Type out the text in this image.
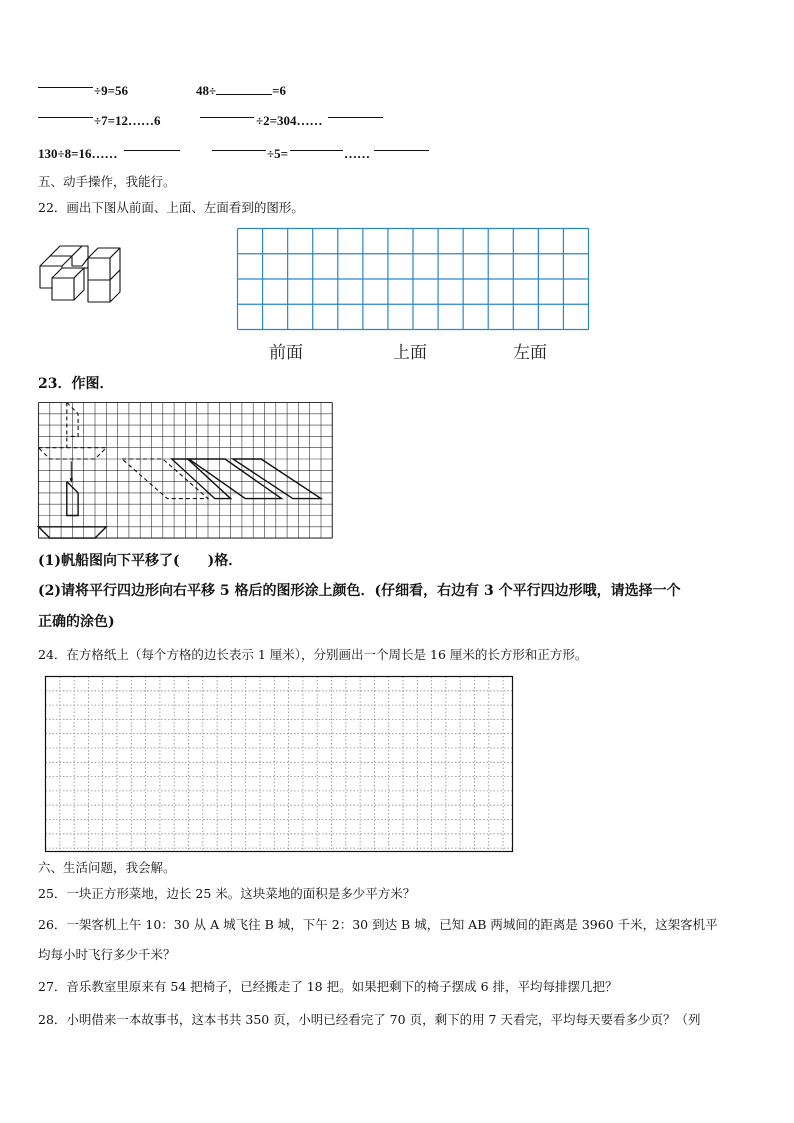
÷9=56	48÷	=6
÷7=12……6	÷2=304……
130÷8=16……	÷5=	……
五、动手操作，我能行。
22．画出下图从前面、上面、左面看到的图形。
前面	上面	左面
23．作图．
(1)帆船图向下平移了( )格．
(2)请将平行四边形向右平移 5 格后的图形涂上颜色．(仔细看，右边有 3 个平行四边形哦，请选择一个
正确的涂色)
24．在方格纸上（每个方格的边长表示 1 厘米），分别画出一个周长是 16 厘米的长方形和正方形。
六、生活问题，我会解。
25．一块正方形菜地，边长 25 米。这块菜地的面积是多少平方米？
26．一架客机上午 10：30 从 A 城飞往 B 城，下午 2：30 到达 B 城，已知 AB 两城间的距离是 3960 千米，这架客机平
均每小时飞行多少千米？
27．音乐教室里原来有 54 把椅子，已经搬走了 18 把。如果把剩下的椅子摆成 6 排，平均每排摆几把？
28．小明借来一本故事书，这本书共 350 页，小明已经看完了 70 页，剩下的用 7 天看完，平均每天要看多少页？（列
